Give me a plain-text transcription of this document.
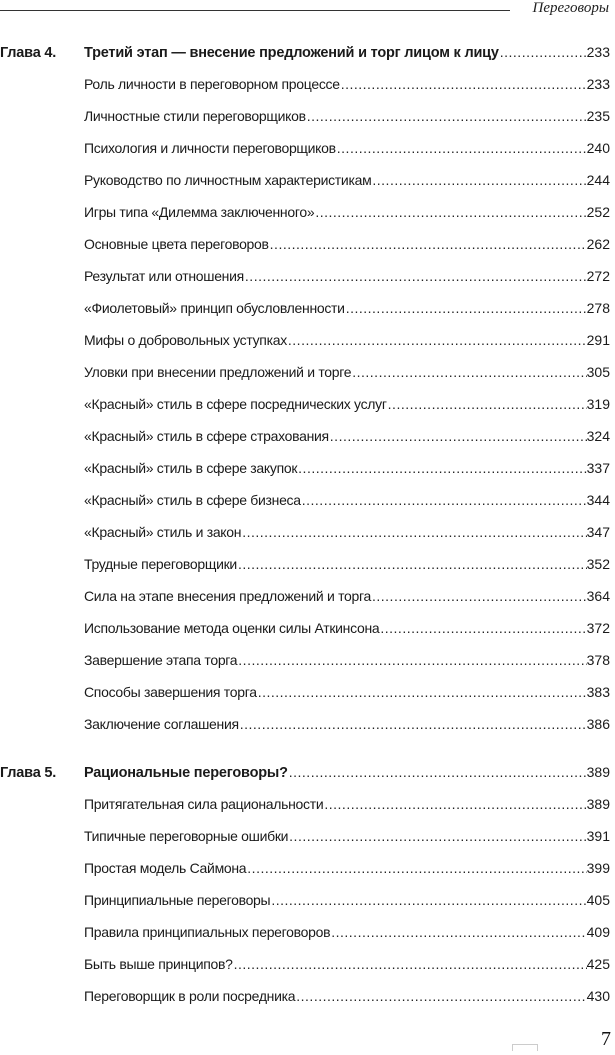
Переговоры
Глава 4.	Третий этап — внесение предложений и торг лицом к лицу .....	233
Роль личности в переговорном процессе .....	233
Личностные стили переговорщиков .....	235
Психология и личности переговорщиков .....	240
Руководство по личностным характеристикам .....	244
Игры типа «Дилемма заключенного» .....	252
Основные цвета переговоров .....	262
Результат или отношения .....	272
«Фиолетовый» принцип обусловленности .....	278
Мифы о добровольных уступках .....	291
Уловки при внесении предложений и торге .....	305
«Красный» стиль в сфере посреднических услуг .....	319
«Красный» стиль в сфере страхования .....	324
«Красный» стиль в сфере закупок .....	337
«Красный» стиль в сфере бизнеса .....	344
«Красный» стиль и закон .....	347
Трудные переговорщики .....	352
Сила на этапе внесения предложений и торга .....	364
Использование метода оценки силы Аткинсона .....	372
Завершение этапа торга .....	378
Способы завершения торга .....	383
Заключение соглашения .....	386
Глава 5.	Рациональные переговоры? .....	389
Притягательная сила рациональности .....	389
Типичные переговорные ошибки .....	391
Простая модель Саймона .....	399
Принципиальные переговоры .....	405
Правила принципиальных переговоров .....	409
Быть выше принципов? .....	425
Переговорщик в роли посредника .....	430
7
